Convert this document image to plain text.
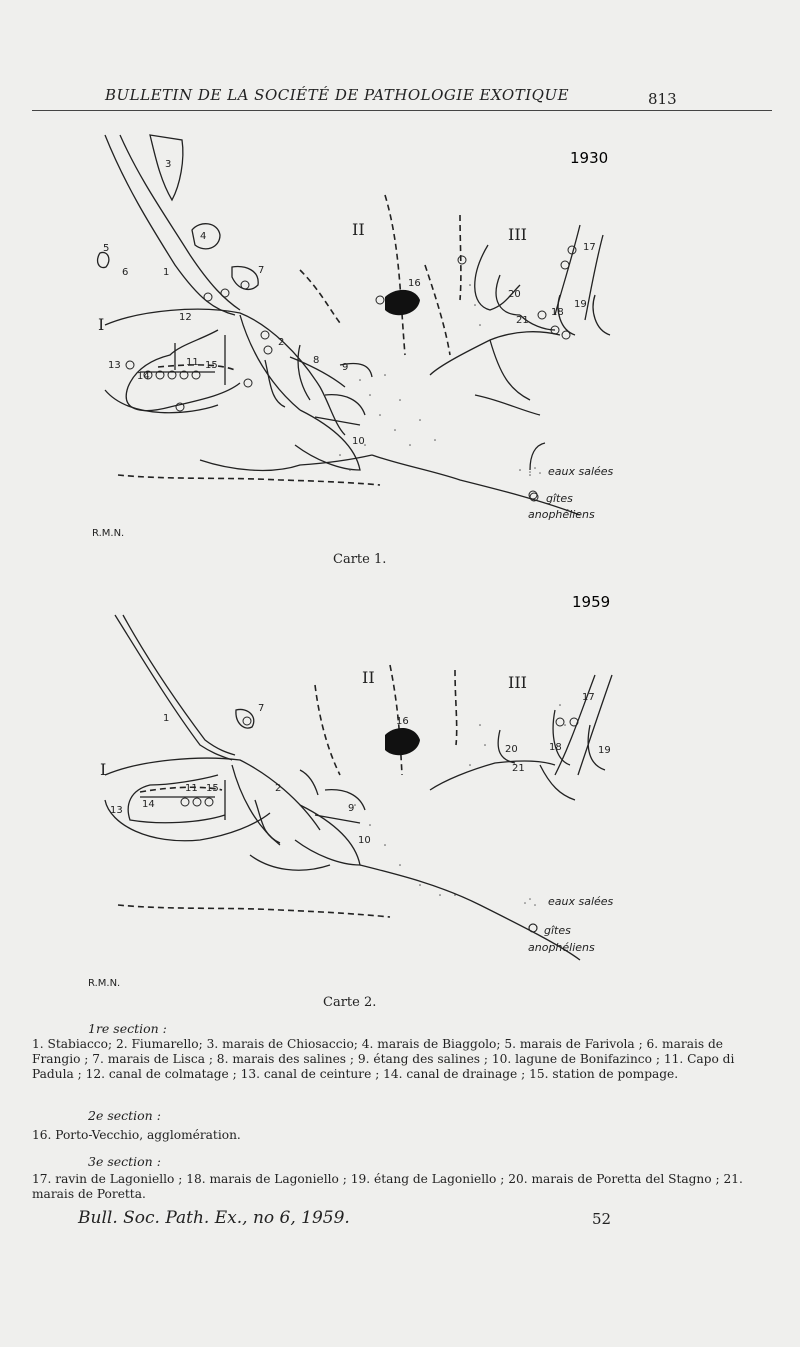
BULLETIN DE LA SOCIÉTÉ DE PATHOLOGIE EXOTIQUE	813
1
2
3
4
5
6	7
8
9
10
11
12
13
14
15
16
17
18
19
20
21
I
II	III
1930
eaux salées
gîtes
anophéliens
R.M.N.
Carte 1.
1
2
7
9
10
11
13
14
15
16
17
18	19
20
21
I
II	III
1959
eaux salées
gîtes
anophéliens
R.M.N.
Carte 2.
1re section :
1. Stabiacco; 2. Fiumarello; 3. marais de Chiosaccio; 4. marais de Biaggolo; 5. marais de Farivola ; 6. marais de Frangio ; 7. marais de Lisca ; 8. marais des salines ; 9. étang des salines ; 10. lagune de Bonifazinco ; 11. Capo di Padula ; 12. canal de colmatage ; 13. canal de ceinture ; 14. canal de drainage ; 15. station de pompage.
2e section :
16. Porto-Vecchio, agglomération.
3e section :
17. ravin de Lagoniello ; 18. marais de Lagoniello ; 19. étang de Lagoniello ; 20. marais de Poretta del Stagno ; 21. marais de Poretta.
Bull. Soc. Path. Ex., no 6, 1959.	52
